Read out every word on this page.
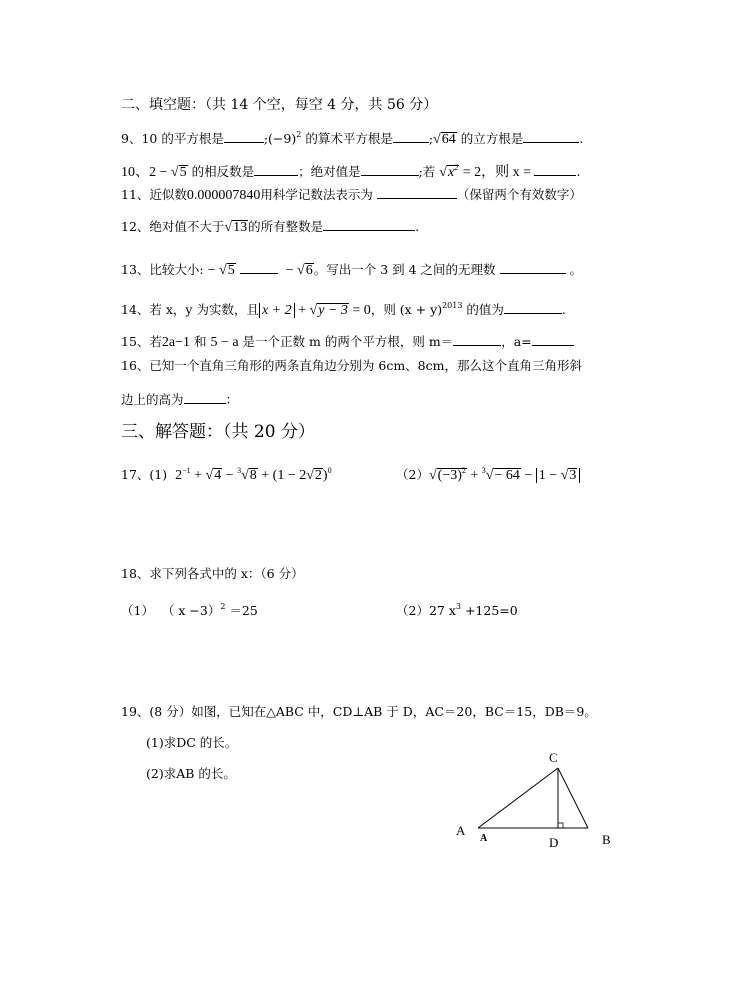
二、填空题：（共 14 个空，每空 4 分，共 56 分）
9、10 的平方根是	$;(-9)^2$ 的算术平方根是	;√64 的立方根是	.
10、2 − √5 的相反数是	；绝对值是	;若 $√x^2 = 2$，则 x =	.
11、近似数0.000007840用科学记数法表示为	（保留两个有效数字）
12、绝对值不大于√13的所有整数是	.
13、比较大小: − √5	− √6。写出一个 3 到 4 之间的无理数	。
14、若 x，y 为实数，且 x + 2 + √y − 3 = 0，则 $(x + y)^{2013}$ 的值为	.
15、若2a−1 和 5 − a 是一个正数 m 的两个平方根，则 m＝	，a=
16、已知一个直角三角形的两条直角边分别为 6cm、8cm，那么这个直角三角形斜
边上的高为	：
三、解答题：（共 20 分）
17、(1) $2^{-1} + √4 - ^3√8 + (1 - 2√2)^0$	$(2)√(-3)^2 + ^3√- 64 - 1 - √3$
18、求下列各式中的 x：（6 分）
（1） （ x −3）$^2$ ＝25	（2）27 $x^3 +125=0$
19、(8 分）如图，已知在△ABC 中，CD⊥AB 于 D，AC＝20，BC＝15，DB＝9。
(1)求DC 的长。
(2)求AB 的长。
C
A
A	D	B
